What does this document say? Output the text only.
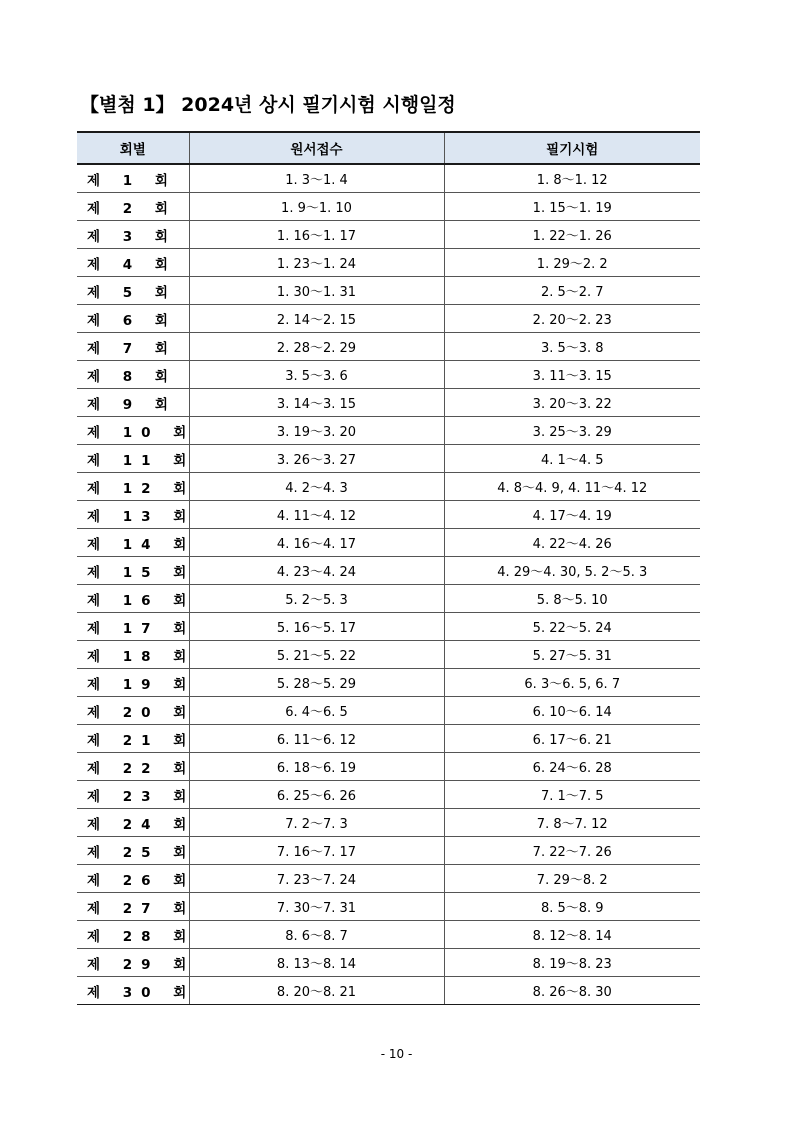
【별첨 1】 2024년 상시 필기시험 시행일정
회별	원서접수	필기시험
제 1 회	1. 3～1. 4	1. 8～1. 12
제 2 회	1. 9～1. 10	1. 15～1. 19
제 3 회	1. 16～1. 17	1. 22～1. 26
제 4 회	1. 23～1. 24	1. 29～2. 2
제 5 회	1. 30～1. 31	2. 5～2. 7
제 6 회	2. 14～2. 15	2. 20～2. 23
제 7 회	2. 28～2. 29	3. 5～3. 8
제 8 회	3. 5～3. 6	3. 11～3. 15
제 9 회	3. 14～3. 15	3. 20～3. 22
제 10 회	3. 19～3. 20	3. 25～3. 29
제 11 회	3. 26～3. 27	4. 1～4. 5
제 12 회	4. 2～4. 3	4. 8～4. 9, 4. 11～4. 12
제 13 회	4. 11～4. 12	4. 17～4. 19
제 14 회	4. 16～4. 17	4. 22～4. 26
제 15 회	4. 23～4. 24	4. 29～4. 30, 5. 2～5. 3
제 16 회	5. 2～5. 3	5. 8～5. 10
제 17 회	5. 16～5. 17	5. 22～5. 24
제 18 회	5. 21～5. 22	5. 27～5. 31
제 19 회	5. 28～5. 29	6. 3～6. 5, 6. 7
제 20 회	6. 4～6. 5	6. 10～6. 14
제 21 회	6. 11～6. 12	6. 17～6. 21
제 22 회	6. 18～6. 19	6. 24～6. 28
제 23 회	6. 25～6. 26	7. 1～7. 5
제 24 회	7. 2～7. 3	7. 8～7. 12
제 25 회	7. 16～7. 17	7. 22～7. 26
제 26 회	7. 23～7. 24	7. 29～8. 2
제 27 회	7. 30～7. 31	8. 5～8. 9
제 28 회	8. 6～8. 7	8. 12～8. 14
제 29 회	8. 13～8. 14	8. 19～8. 23
제 30 회	8. 20～8. 21	8. 26～8. 30
- 10 -
